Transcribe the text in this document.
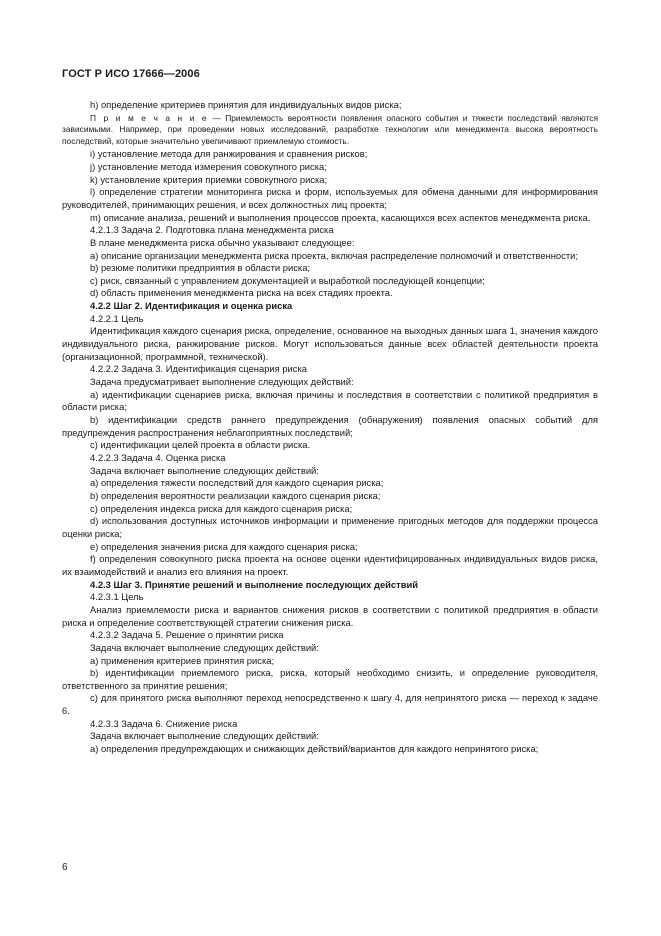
ГОСТ Р ИСО 17666—2006

h) определение критериев принятия для индивидуальных видов риска;

П р и м е ч а н и е — Приемлемость вероятности появления опасного события и тяжести последствий являются зависимыми. Например, при проведении новых исследований, разработке технологии или менеджмента высока вероятность последствий, которые значительно увеличивают приемлемую стоимость.

i) установление метода для ранжирования и сравнения рисков;

j) установление метода измерения совокупного риска;

k) установление критерия приемки совокупного риска;

l) определение стратегии мониторинга риска и форм, используемых для обмена данными для информирования руководителей, принимающих решения, и всех должностных лиц проекта;

m) описание анализа, решений и выполнения процессов проекта, касающихся всех аспектов менеджмента риска.

4.2.1.3 Задача 2. Подготовка плана менеджмента риска

В плане менеджмента риска обычно указывают следующее:

a) описание организации менеджмента риска проекта, включая распределение полномочий и ответственности;

b) резюме политики предприятия в области риска;

c) риск, связанный с управлением документацией и выработкой последующей концепции;

d) область применения менеджмента риска на всех стадиях проекта.

4.2.2 Шаг 2. Идентификация и оценка риска

4.2.2.1 Цель

Идентификация каждого сценария риска, определение, основанное на выходных данных шага 1, значения каждого индивидуального риска, ранжирование рисков. Могут использоваться данные всех областей деятельности проекта (организационной, программной, технической).

4.2.2.2 Задача 3. Идентификация сценария риска

Задача предусматривает выполнение следующих действий:

a) идентификации сценариев риска, включая причины и последствия в соответствии с политикой предприятия в области риска;

b) идентификации средств раннего предупреждения (обнаружения) появления опасных событий для предупреждения распространения неблагоприятных последствий;

c) идентификации целей проекта в области риска.

4.2.2.3 Задача 4. Оценка риска

Задача включает выполнение следующих действий:

a) определения тяжести последствий для каждого сценария риска;

b) определения вероятности реализации каждого сценария риска;

c) определения индекса риска для каждого сценария риска;

d) использования доступных источников информации и применение пригодных методов для поддержки процесса оценки риска;

e) определения значения риска для каждого сценария риска;

f) определения совокупного риска проекта на основе оценки идентифицированных индивидуальных видов риска, их взаимодействий и анализ его влияния на проект.

4.2.3 Шаг 3. Принятие решений и выполнение последующих действий

4.2.3.1 Цель

Анализ приемлемости риска и вариантов снижения рисков в соответствии с политикой предприятия в области риска и определение соответствующей стратегии снижения риска.

4.2.3.2 Задача 5. Решение о принятии риска

Задача включает выполнение следующих действий:

a) применения критериев принятия риска;

b) идентификации приемлемого риска, риска, который необходимо снизить, и определение руководителя, ответственного за принятие решения;

c) для принятого риска выполняют переход непосредственно к шагу 4, для непринятого риска — переход к задаче 6.

4.2.3.3 Задача 6. Снижение риска

Задача включает выполнение следующих действий:

a) определения предупреждающих и снижающих действий/вариантов для каждого непринятого риска;

6
